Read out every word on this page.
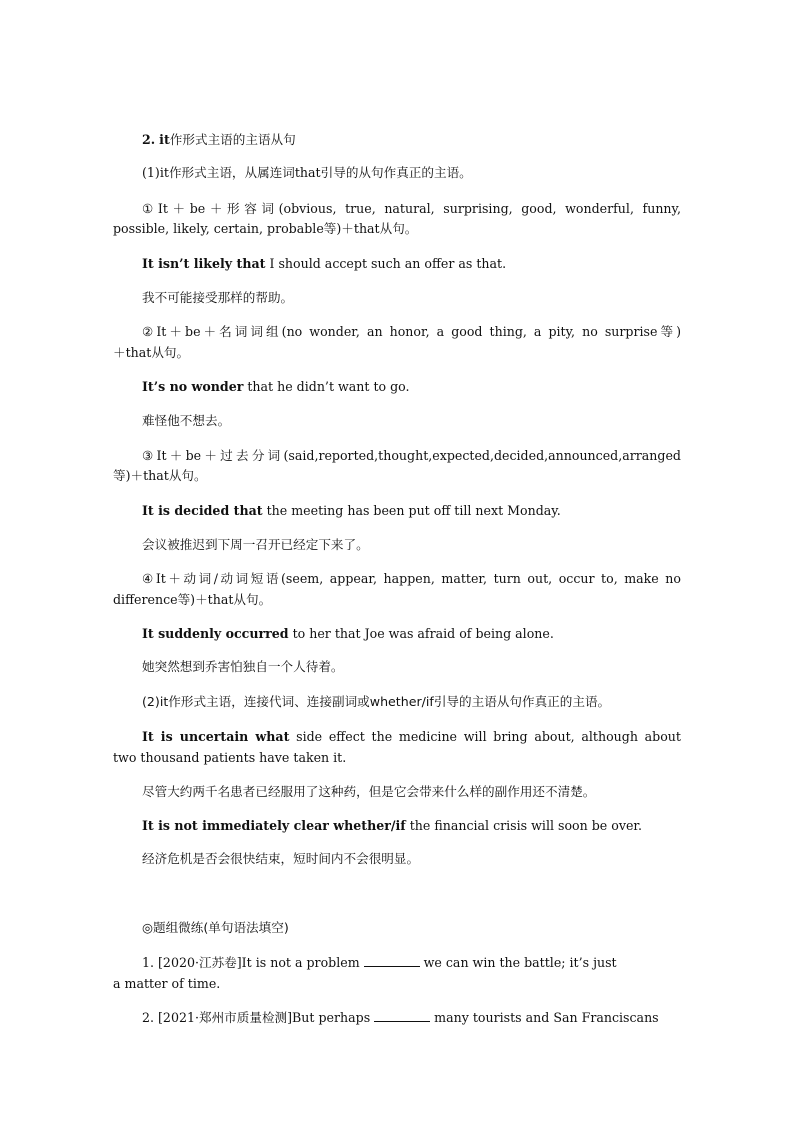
2. it作形式主语的主语从句
(1)it作形式主语，从属连词that引导的从句作真正的主语。
①It＋be＋形容词(obvious, true, natural, surprising, good, wonderful, funny,
possible, likely, certain, probable等)＋that从句。
It isn’t likely that I should accept such an offer as that.
我不可能接受那样的帮助。
②It＋be＋名词词组(no wonder, an honor, a good thing, a pity, no surprise等)
＋that从句。
It’s no wonder that he didn’t want to go.
难怪他不想去。
③It＋be＋过去分词(said,reported,thought,expected,decided,announced,arranged
等)＋that从句。
It is decided that the meeting has been put off till next Monday.
会议被推迟到下周一召开已经定下来了。
④It＋动词/动词短语(seem, appear, happen, matter, turn out, occur to, make no
difference等)＋that从句。
It suddenly occurred to her that Joe was afraid of being alone.
她突然想到乔害怕独自一个人待着。
(2)it作形式主语，连接代词、连接副词或whether/if引导的主语从句作真正的主语。
It is uncertain what side effect the medicine will bring about, although about
two thousand patients have taken it.
尽管大约两千名患者已经服用了这种药，但是它会带来什么样的副作用还不清楚。
It is not immediately clear whether/if the financial crisis will soon be over.
经济危机是否会很快结束，短时间内不会很明显。
◎题组微练(单句语法填空)
1. [2020·江苏卷]It is not a problem	we can win the battle; it’s just
a matter of time.
2. [2021·郑州市质量检测]But perhaps	many tourists and San Franciscans
